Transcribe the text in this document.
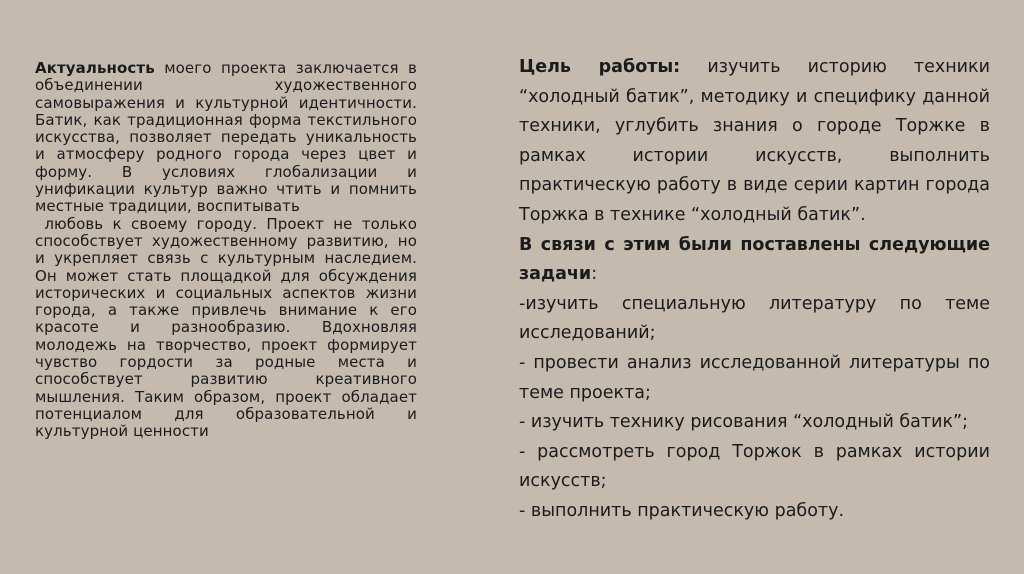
Актуальность моего проекта заключается в объединении художественного самовыражения и культурной идентичности. Батик, как традиционная форма текстильного искусства, позволяет передать уникальность и атмосферу родного города через цвет и форму. В условиях глобализации и унификации культур важно чтить и помнить местные традиции, воспитывать

любовь к своему городу. Проект не только способствует художественному развитию, но и укрепляет связь с культурным наследием. Он может стать площадкой для обсуждения исторических и социальных аспектов жизни города, а также привлечь внимание к его красоте и разнообразию. Вдохновляя молодежь на творчество, проект формирует чувство гордости за родные места и способствует развитию креативного мышления. Таким образом, проект обладает потенциалом для образовательной и культурной ценности

Цель работы: изучить историю техники “холодный батик”, методику и специфику данной техники, углубить знания о городе Торжке в рамках истории искусств, выполнить практическую работу в виде серии картин города Торжка в технике “холодный батик”.

В связи с этим были поставлены следующие задачи:

-изучить специальную литературу по теме исследований;

- провести анализ исследованной литературы по теме проекта;

- изучить технику рисования “холодный батик”;

- рассмотреть город Торжок в рамках истории искусств;

- выполнить практическую работу.
